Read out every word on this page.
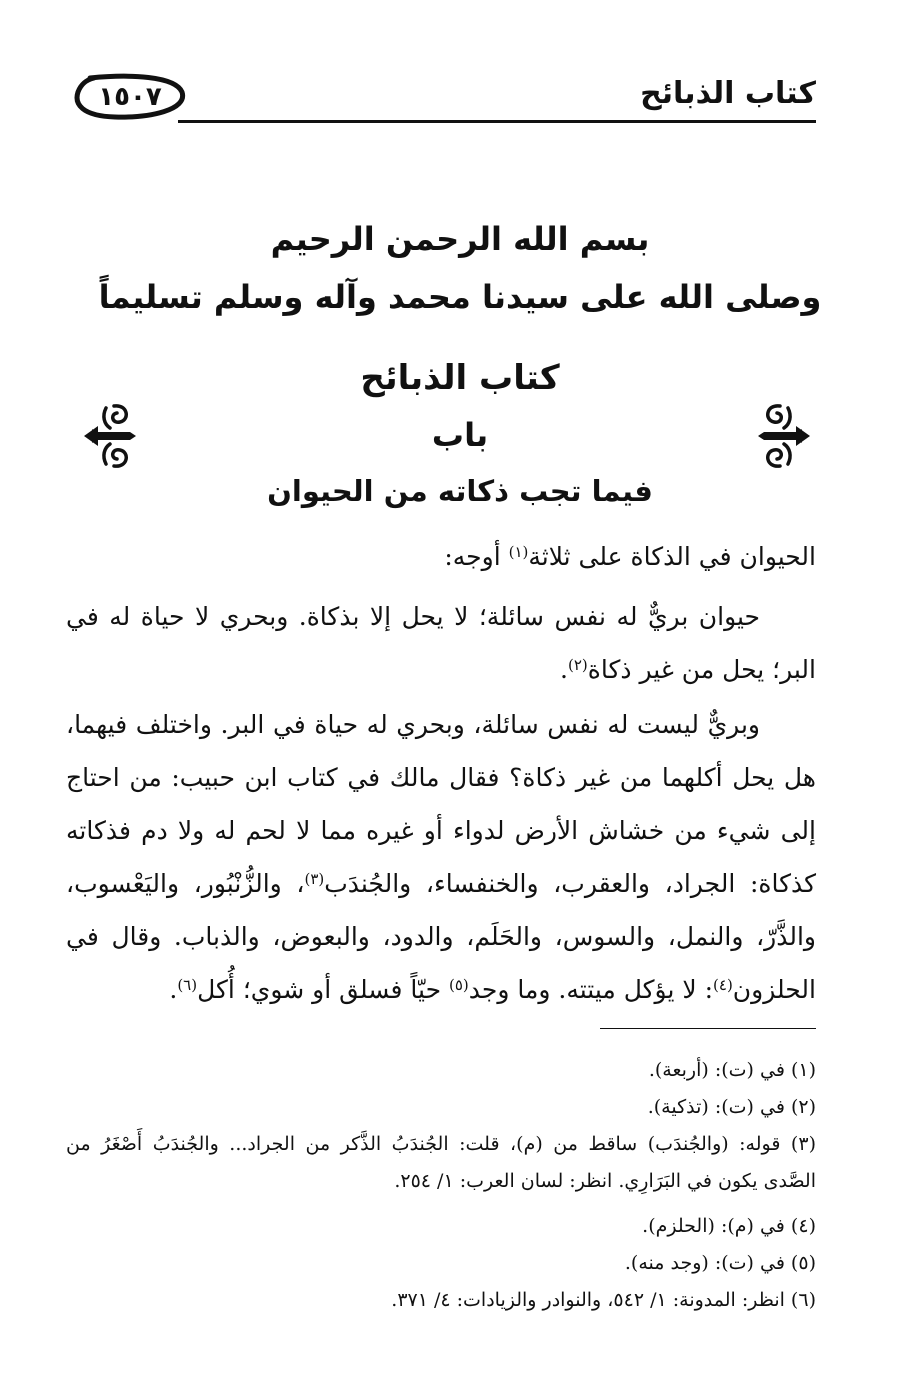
كتاب الذبائح
١٥٠٧
بسم الله الرحمن الرحيم
وصلى الله على سيدنا محمد وآله وسلم تسليماً
كتاب الذبائح
باب
فيما تجب ذكاته من الحيوان
الحيوان في الذكاة على ثلاثة$^{(١)}$ أوجه:
حيوان بريٌّ له نفس سائلة؛ لا يحل إلا بذكاة. وبحري لا حياة له في البر؛ يحل من غير ذكاة$^{(٢)}$.
وبريٌّ ليست له نفس سائلة، وبحري له حياة في البر. واختلف فيهما، هل يحل أكلهما من غير ذكاة؟ فقال مالك في كتاب ابن حبيب: من احتاج إلى شيء من خشاش الأرض لدواء أو غيره مما لا لحم له ولا دم فذكاته كذكاة: الجراد، والعقرب، والخنفساء، والجُندَب$^{(٣)}$، والزُّنْبُور، واليَعْسوب، والذَّرّ، والنمل، والسوس، والحَلَم، والدود، والبعوض، والذباب. وقال في الحلزون$^{(٤)}$: لا يؤكل ميتته. وما وجد$^{(٥)}$ حيّاً فسلق أو شوي؛ أُكل$^{(٦)}$.
(١) في (ت): (أربعة).
(٢) في (ت): (تذكية).
(٣) قوله: (والجُندَب) ساقط من (م)، قلت: الجُندَبُ الذَّكر من الجراد... والجُندَبُ أَصْغَرُ من الصَّدى يكون في البَرَارِي. انظر: لسان العرب: ١/ ٢٥٤.
(٤) في (م): (الحلزم).
(٥) في (ت): (وجد منه).
(٦) انظر: المدونة: ١/ ٥٤٢، والنوادر والزيادات: ٤/ ٣٧١.
